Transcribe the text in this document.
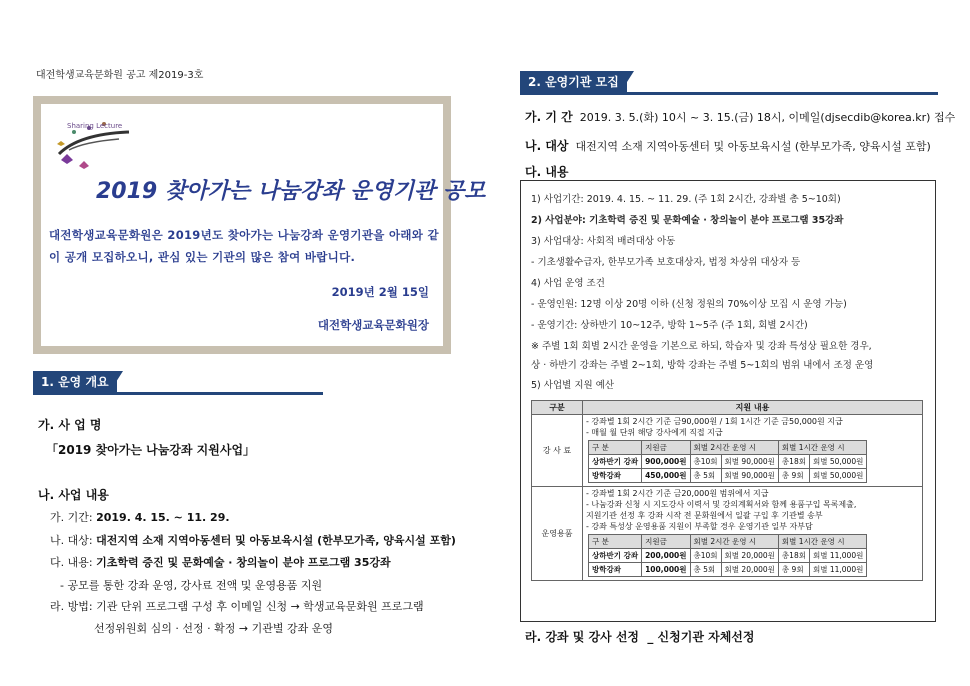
대전학생교육문화원 공고 제2019-3호
Sharing Lecture
2019 찾아가는 나눔강좌 운영기관 공모
대전학생교육문화원은 2019년도 찾아가는 나눔강좌 운영기관을 아래와 같이 공개 모집하오니, 관심 있는 기관의 많은 참여 바랍니다.
2019년 2월 15일
대전학생교육문화원장
1. 운영 개요
가. 사 업 명
「2019 찾아가는 나눔강좌 지원사업」
나. 사업 내용
가. 기간: 2019. 4. 15. ~ 11. 29.
나. 대상: 대전지역 소재 지역아동센터 및 아동보육시설 (한부모가족, 양육시설 포함)
다. 내용: 기초학력 증진 및 문화예술 · 창의놀이 분야 프로그램 35강좌
- 공모를 통한 강좌 운영, 강사료 전액 및 운영용품 지원
라. 방법: 기관 단위 프로그램 구성 후 이메일 신청 → 학생교육문화원 프로그램
선정위원회 심의 · 선정 · 확정 → 기관별 강좌 운영
2. 운영기관 모집
가. 기 간 2019. 3. 5.(화) 10시 ~ 3. 15.(금) 18시, 이메일(djsecdib@korea.kr) 접수
나. 대상 대전지역 소재 지역아동센터 및 아동보육시설 (한부모가족, 양육시설 포함)
다. 내용
1) 사업기간: 2019. 4. 15. ~ 11. 29. (주 1회 2시간, 강좌별 총 5~10회)
2) 사업분야: 기초학력 증진 및 문화예술 · 창의놀이 분야 프로그램 35강좌
3) 사업대상: 사회적 배려대상 아동
- 기초생활수급자, 한부모가족 보호대상자, 법정 차상위 대상자 등
4) 사업 운영 조건
- 운영인원: 12명 이상 20명 이하 (신청 정원의 70%이상 모집 시 운영 가능)
- 운영기간: 상하반기 10~12주, 방학 1~5주 (주 1회, 회별 2시간)
※ 주별 1회 회별 2시간 운영을 기본으로 하되, 학습자 및 강좌 특성상 필요한 경우,
상 · 하반기 강좌는 주별 2~1회, 방학 강좌는 주별 5~1회의 범위 내에서 조정 운영
5) 사업별 지원 예산
구분	지원 내용
강 사 료	
- 강좌별 1회 2시간 기준 금90,000원 / 1회 1시간 기준 금50,000원 지급
- 매월 월 단위 해당 강사에게 직접 지급
구 분	지원금	회별 2시간 운영 시	회별 1시간 운영 시
상하반기 강좌	900,000원	총10회	회별 90,000원	총18회	회별 50,000원
방학강좌	450,000원	총 5회	회별 90,000원	총 9회	회별 50,000원

운영용품	
- 강좌별 1회 2시간 기준 금20,000원 범위에서 지급
- 나눔강좌 신청 시 지도강사 이력서 및 강의계획서와 함께 용품구입 목록제출,
지원기관 선정 후 강좌 시작 전 문화원에서 일괄 구입 후 기관별 송부
- 강좌 특성상 운영용품 지원이 부족할 경우 운영기관 일부 자부담
구 분	지원금	회별 2시간 운영 시	회별 1시간 운영 시
상하반기 강좌	200,000원	총10회	회별 20,000원	총18회	회별 11,000원
방학강좌	100,000원	총 5회	회별 20,000원	총 9회	회별 11,000원
라. 강좌 및 강사 선정 _ 신청기관 자체선정
